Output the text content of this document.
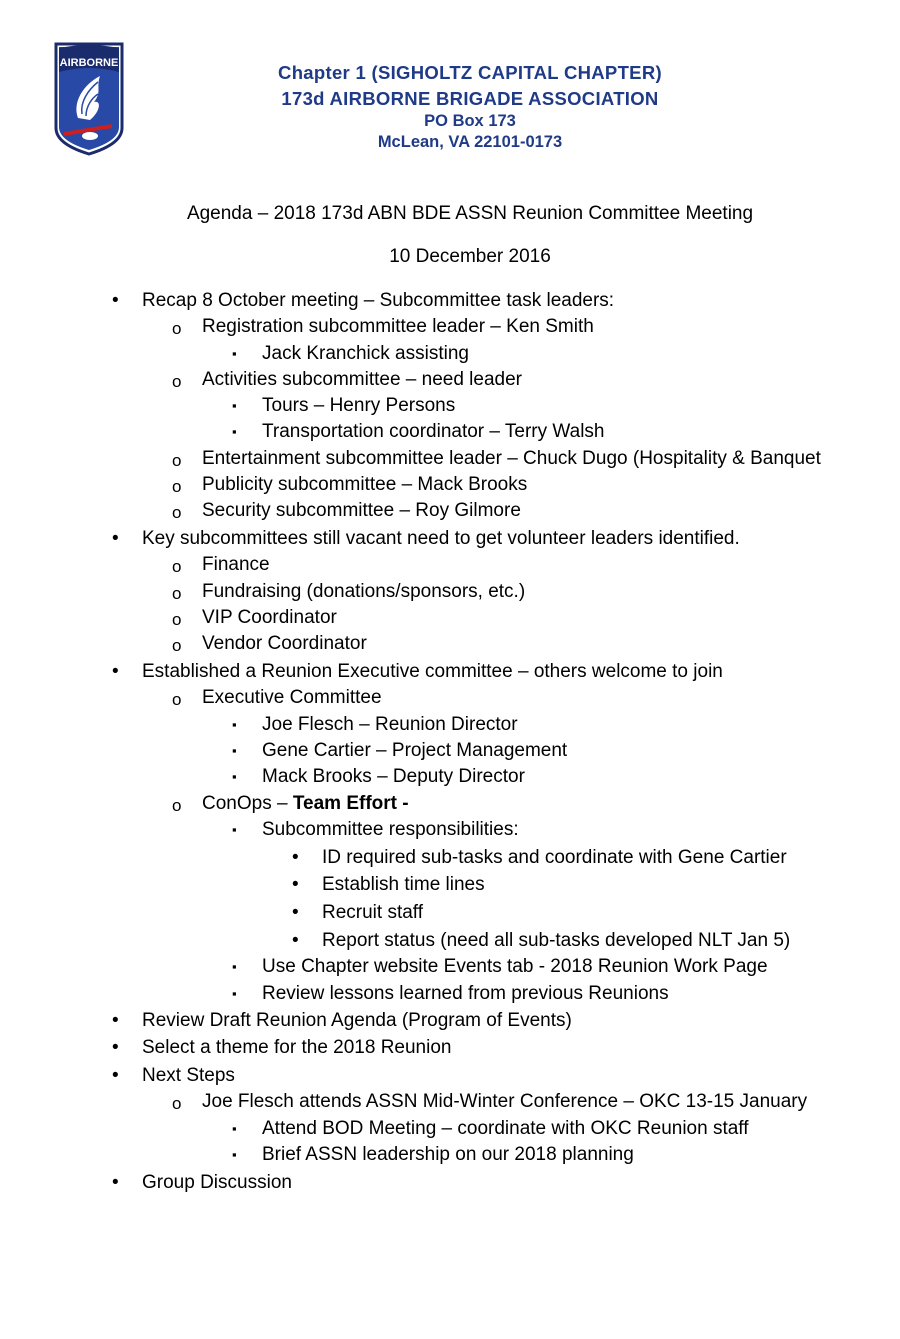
AIRBORNE	Chapter 1 (SIGHOLTZ CAPITAL CHAPTER)
173d AIRBORNE BRIGADE ASSOCIATION
PO Box 173
McLean, VA 22101-0173
Agenda – 2018 173d ABN BDE ASSN Reunion Committee Meeting
10 December 2016
• Recap 8 October meeting – Subcommittee task leaders:
o Registration subcommittee leader – Ken Smith
▪ Jack Kranchick assisting
o Activities subcommittee – need leader
▪ Tours – Henry Persons
▪ Transportation coordinator – Terry Walsh
o Entertainment subcommittee leader – Chuck Dugo (Hospitality & Banquet
o Publicity subcommittee – Mack Brooks
o Security subcommittee – Roy Gilmore
• Key subcommittees still vacant need to get volunteer leaders identified.
o Finance
o Fundraising (donations/sponsors, etc.)
o VIP Coordinator
o Vendor Coordinator
• Established a Reunion Executive committee – others welcome to join
o Executive Committee
▪ Joe Flesch – Reunion Director
▪ Gene Cartier – Project Management
▪ Mack Brooks – Deputy Director
o ConOps – Team Effort -
▪ Subcommittee responsibilities:
• ID required sub-tasks and coordinate with Gene Cartier
• Establish time lines
• Recruit staff
• Report status (need all sub-tasks developed NLT Jan 5)
▪ Use Chapter website Events tab - 2018 Reunion Work Page
▪ Review lessons learned from previous Reunions
• Review Draft Reunion Agenda (Program of Events)
• Select a theme for the 2018 Reunion
• Next Steps
o Joe Flesch attends ASSN Mid-Winter Conference – OKC 13-15 January
▪ Attend BOD Meeting – coordinate with OKC Reunion staff
▪ Brief ASSN leadership on our 2018 planning
• Group Discussion
